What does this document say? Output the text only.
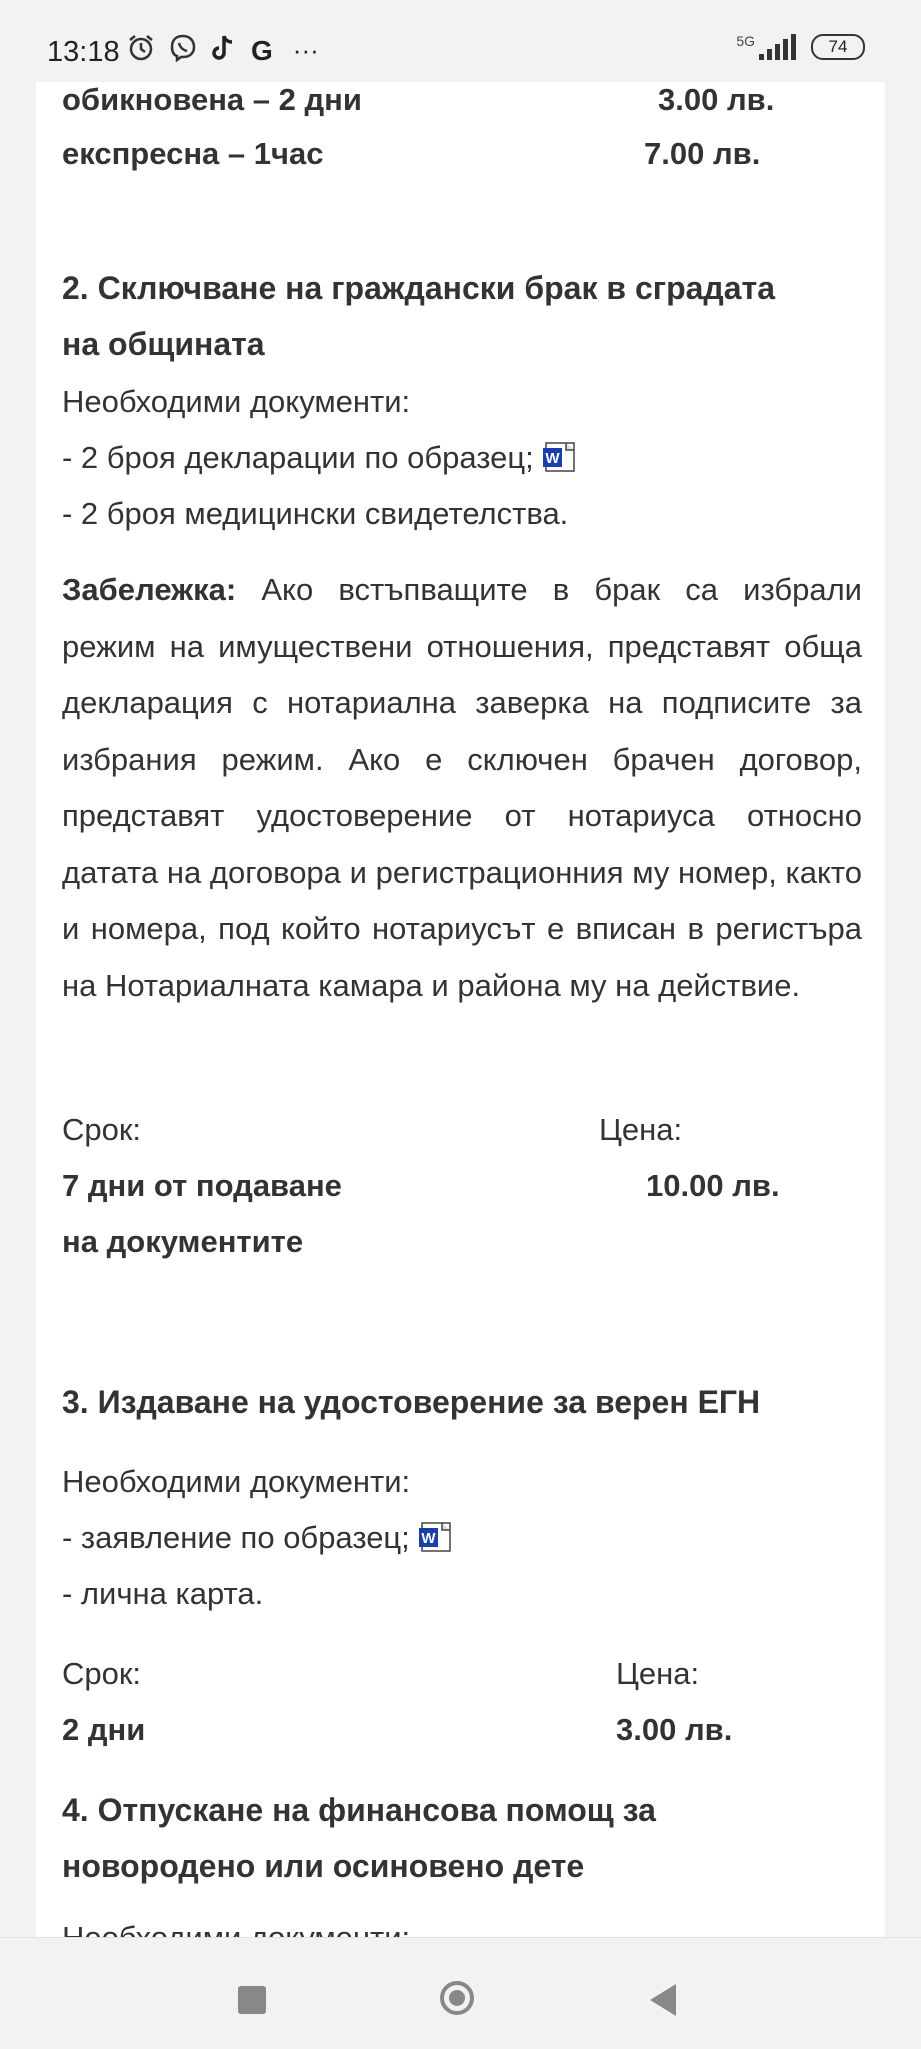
13:18	G ···	5G	74
обикновена – 2 дни	3.00 лв.
експресна – 1час	7.00 лв.
2. Сключване на граждански брак в сградата
на общината
Необходими документи:
- 2 броя декларации по образец; W
- 2 броя медицински свидетелства.
Забележка: Ако встъпващите в брак са избрали режим на имуществени отношения, представят обща декларация с нотариална заверка на подписите за избрания режим. Ако е сключен брачен договор, представят удостоверение от нотариуса относно датата на договора и регистрационния му номер, както и номера, под който нотариусът е вписан в регистъра на Нотариалната камара и района му на действие.
Срок:	Цена:
7 дни от подаване	10.00 лв.
на документите
3. Издаване на удостоверение за верен ЕГН
Необходими документи:
- заявление по образец; W
- лична карта.
Срок:	Цена:
2 дни	3.00 лв.
4. Отпускане на финансова помощ за
новородено или осиновено дете
